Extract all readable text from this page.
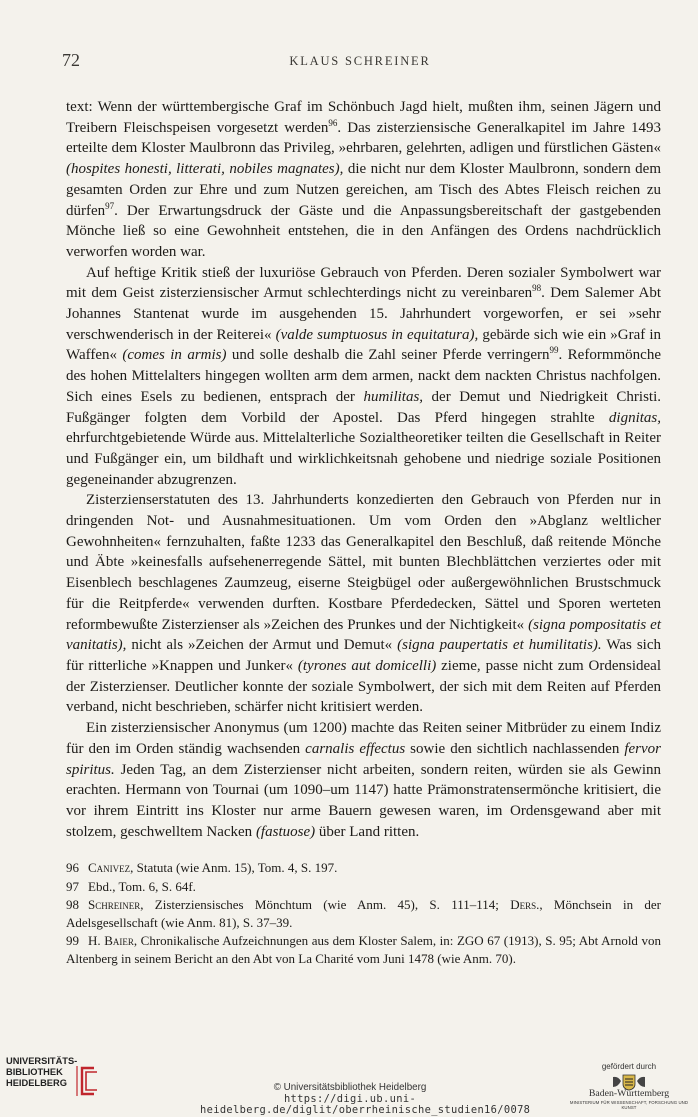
72	KLAUS SCHREINER

text: Wenn der württembergische Graf im Schönbuch Jagd hielt, mußten ihm, seinen Jägern und Treibern Fleischspeisen vorgesetzt werden$^{96}$. Das zisterziensische Generalkapitel im Jahre 1493 erteilte dem Kloster Maulbronn das Privileg, »ehrbaren, gelehrten, adligen und fürstlichen Gästen« (hospites honesti, litterati, nobiles magnates), die nicht nur dem Kloster Maulbronn, sondern dem gesamten Orden zur Ehre und zum Nutzen gereichen, am Tisch des Abtes Fleisch reichen zu dürfen$^{97}$. Der Erwartungsdruck der Gäste und die Anpassungsbereitschaft der gastgebenden Mönche ließ so eine Gewohnheit entstehen, die in den Anfängen des Ordens nachdrücklich verworfen worden war.

Auf heftige Kritik stieß der luxuriöse Gebrauch von Pferden. Deren sozialer Symbolwert war mit dem Geist zisterziensischer Armut schlechterdings nicht zu vereinbaren$^{98}$. Dem Salemer Abt Johannes Stantenat wurde im ausgehenden 15. Jahrhundert vorgeworfen, er sei »sehr verschwenderisch in der Reiterei« (valde sumptuosus in equitatura), gebärde sich wie ein »Graf in Waffen« (comes in armis) und solle deshalb die Zahl seiner Pferde verringern$^{99}$. Reformmönche des hohen Mittelalters hingegen wollten arm dem armen, nackt dem nackten Christus nachfolgen. Sich eines Esels zu bedienen, entsprach der humilitas, der Demut und Niedrigkeit Christi. Fußgänger folgten dem Vorbild der Apostel. Das Pferd hingegen strahlte dignitas, ehrfurchtgebietende Würde aus. Mittelalterliche Sozialtheoretiker teilten die Gesellschaft in Reiter und Fußgänger ein, um bildhaft und wirklichkeitsnah gehobene und niedrige soziale Positionen gegeneinander abzugrenzen.

Zisterzienserstatuten des 13. Jahrhunderts konzedierten den Gebrauch von Pferden nur in dringenden Not- und Ausnahmesituationen. Um vom Orden den »Abglanz weltlicher Gewohnheiten« fernzuhalten, faßte 1233 das Generalkapitel den Beschluß, daß reitende Mönche und Äbte »keinesfalls aufsehenerregende Sättel, mit bunten Blechblättchen verziertes oder mit Eisenblech beschlagenes Zaumzeug, eiserne Steigbügel oder außergewöhnlichen Brustschmuck für die Reitpferde« verwenden durften. Kostbare Pferdedecken, Sättel und Sporen werteten reformbewußte Zisterzienser als »Zeichen des Prunkes und der Nichtigkeit« (signa pompositatis et vanitatis), nicht als »Zeichen der Armut und Demut« (signa paupertatis et humilitatis). Was sich für ritterliche »Knappen und Junker« (tyrones aut domicelli) zieme, passe nicht zum Ordensideal der Zisterzienser. Deutlicher konnte der soziale Symbolwert, der sich mit dem Reiten auf Pferden verband, nicht beschrieben, schärfer nicht kritisiert werden.

Ein zisterziensischer Anonymus (um 1200) machte das Reiten seiner Mitbrüder zu einem Indiz für den im Orden ständig wachsenden carnalis effectus sowie den sichtlich nachlassenden fervor spiritus. Jeden Tag, an dem Zisterzienser nicht arbeiten, sondern reiten, würden sie als Gewinn erachten. Hermann von Tournai (um 1090–um 1147) hatte Prämonstratensermönche kritisiert, die vor ihrem Eintritt ins Kloster nur arme Bauern gewesen waren, im Ordensgewand aber mit stolzem, geschwelltem Nacken (fastuose) über Land ritten.

96 Canivez, Statuta (wie Anm. 15), Tom. 4, S. 197.

97 Ebd., Tom. 6, S. 64f.

98 Schreiner, Zisterziensisches Mönchtum (wie Anm. 45), S. 111–114; Ders., Mönchsein in der Adelsgesellschaft (wie Anm. 81), S. 37–39.

99 H. Baier, Chronikalische Aufzeichnungen aus dem Kloster Salem, in: ZGO 67 (1913), S. 95; Abt Arnold von Altenberg in seinem Bericht an den Abt von La Charité vom Juni 1478 (wie Anm. 70).

UNIVERSITÄTS-
BIBLIOTHEK
HEIDELBERG	© Universitätsbibliothek Heidelberg
https://digi.ub.uni-heidelberg.de/diglit/oberrheinische_studien16/0078
gefördert durch
Baden-Württemberg
MINISTERIUM FÜR WISSENSCHAFT, FORSCHUNG UND KUNST
